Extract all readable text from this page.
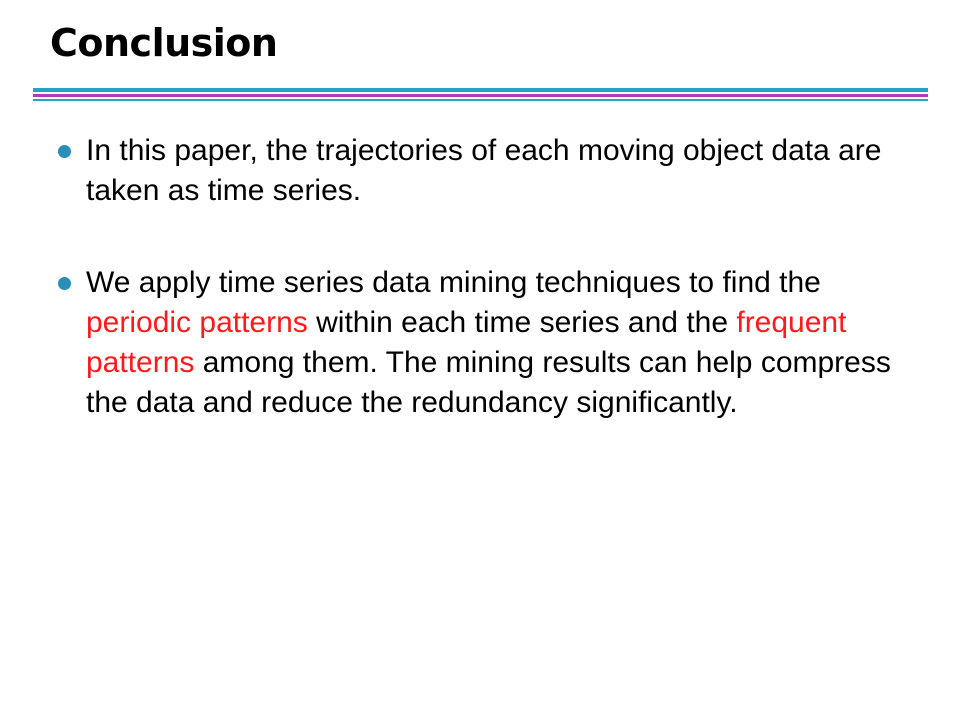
Conclusion
In this paper, the trajectories of each moving object data are taken as time series.
We apply time series data mining techniques to find the periodic patterns within each time series and the frequent patterns among them. The mining results can help compress the data and reduce the redundancy significantly.
